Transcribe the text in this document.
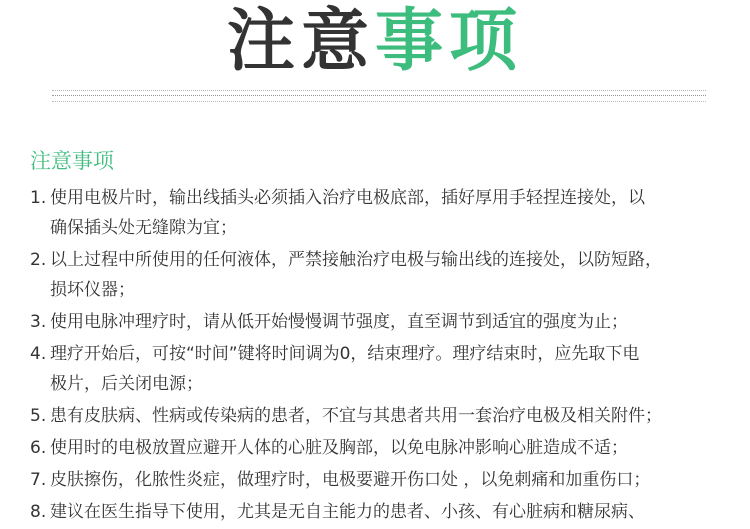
注意事项
注意事项
1. 使用电极片时，输出线插头必须插入治疗电极底部，插好厚用手轻捏连接处，以
确保插头处无缝隙为宜；
2. 以上过程中所使用的任何液体，严禁接触治疗电极与输出线的连接处，以防短路，
损坏仪器；
3. 使用电脉冲理疗时，请从低开始慢慢调节强度，直至调节到适宜的强度为止；
4. 理疗开始后，可按“时间”键将时间调为0，结束理疗。理疗结束时，应先取下电
极片，后关闭电源；
5. 患有皮肤病、性病或传染病的患者，不宜与其患者共用一套治疗电极及相关附件；
6. 使用时的电极放置应避开人体的心脏及胸部，以免电脉冲影响心脏造成不适；
7. 皮肤擦伤，化脓性炎症，做理疗时，电极要避开伤口处 ，以免刺痛和加重伤口；
8. 建议在医生指导下使用，尤其是无自主能力的患者、小孩、有心脏病和糖尿病、
